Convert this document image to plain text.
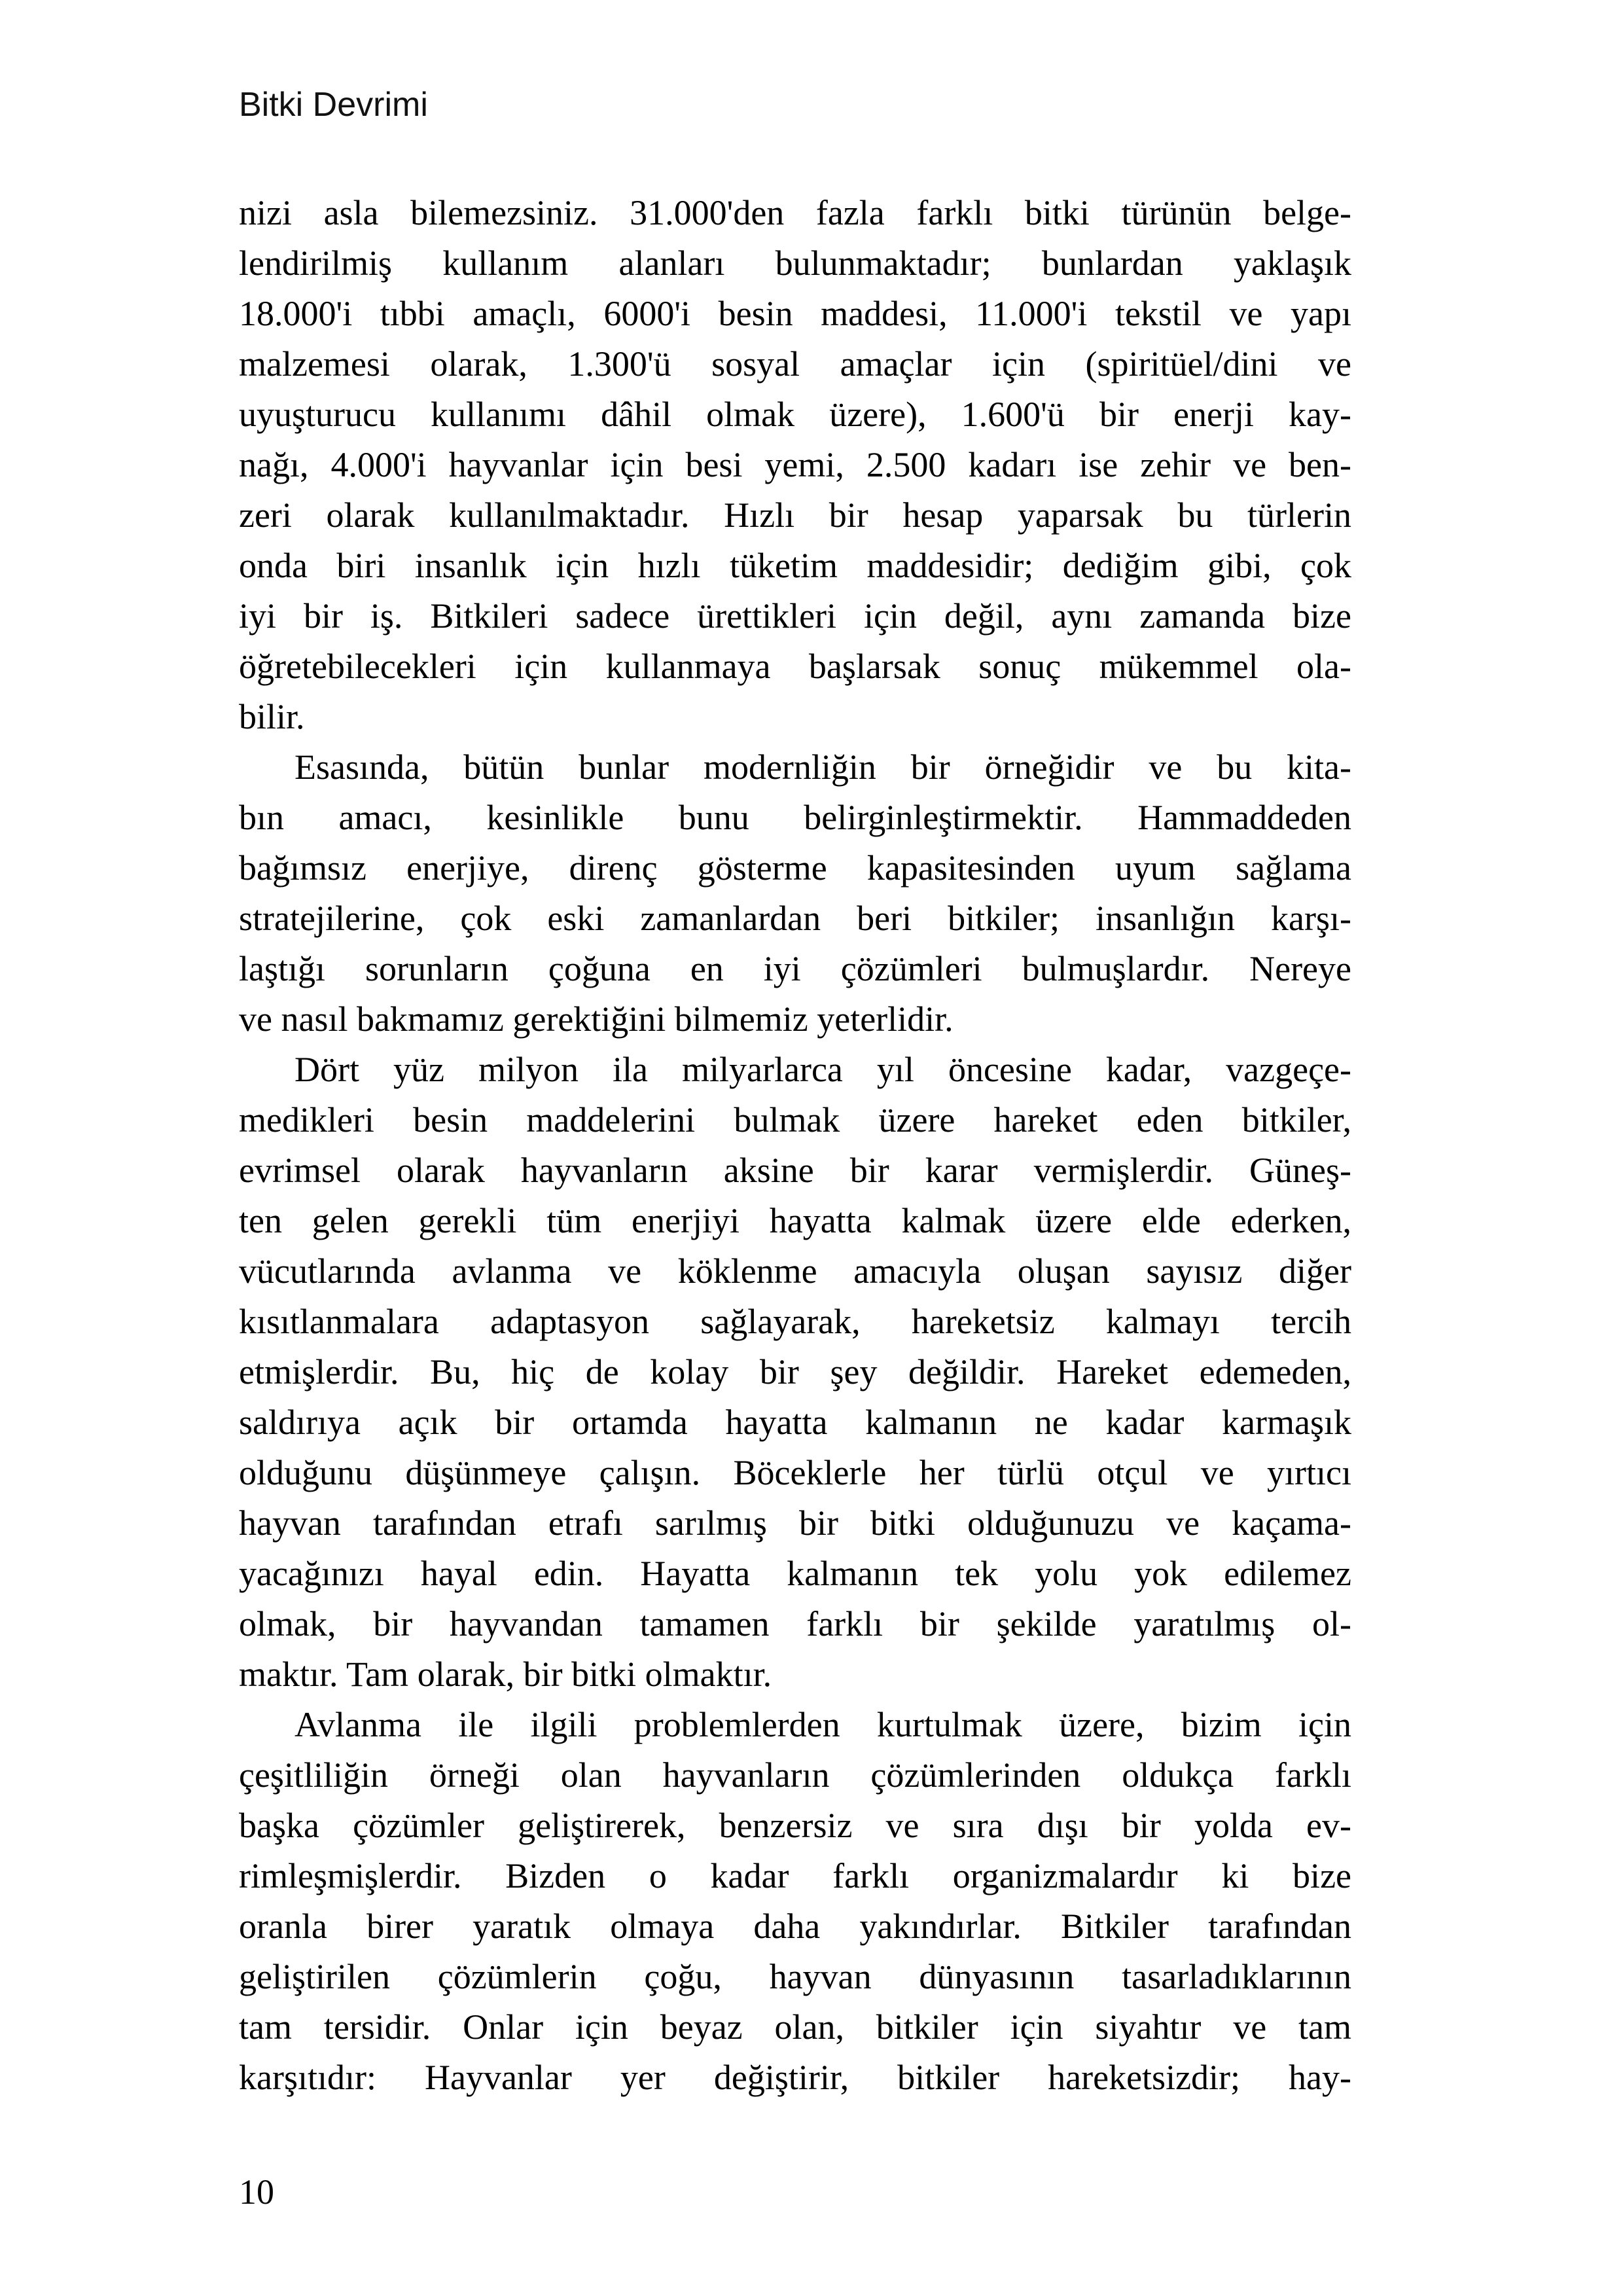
Bitki Devrimi
nizi asla bilemezsiniz. 31.000'den fazla farklı bitki türünün belge-
lendirilmiş kullanım alanları bulunmaktadır; bunlardan yaklaşık
18.000'i tıbbi amaçlı, 6000'i besin maddesi, 11.000'i tekstil ve yapı
malzemesi olarak, 1.300'ü sosyal amaçlar için (spiritüel/dini ve
uyuşturucu kullanımı dâhil olmak üzere), 1.600'ü bir enerji kay-
nağı, 4.000'i hayvanlar için besi yemi, 2.500 kadarı ise zehir ve ben-
zeri olarak kullanılmaktadır. Hızlı bir hesap yaparsak bu türlerin
onda biri insanlık için hızlı tüketim maddesidir; dediğim gibi, çok
iyi bir iş. Bitkileri sadece ürettikleri için değil, aynı zamanda bize
öğretebilecekleri için kullanmaya başlarsak sonuç mükemmel ola-
bilir.
Esasında, bütün bunlar modernliğin bir örneğidir ve bu kita-
bın amacı, kesinlikle bunu belirginleştirmektir. Hammaddeden
bağımsız enerjiye, direnç gösterme kapasitesinden uyum sağlama
stratejilerine, çok eski zamanlardan beri bitkiler; insanlığın karşı-
laştığı sorunların çoğuna en iyi çözümleri bulmuşlardır. Nereye
ve nasıl bakmamız gerektiğini bilmemiz yeterlidir.
Dört yüz milyon ila milyarlarca yıl öncesine kadar, vazgeçe-
medikleri besin maddelerini bulmak üzere hareket eden bitkiler,
evrimsel olarak hayvanların aksine bir karar vermişlerdir. Güneş-
ten gelen gerekli tüm enerjiyi hayatta kalmak üzere elde ederken,
vücutlarında avlanma ve köklenme amacıyla oluşan sayısız diğer
kısıtlanmalara adaptasyon sağlayarak, hareketsiz kalmayı tercih
etmişlerdir. Bu, hiç de kolay bir şey değildir. Hareket edemeden,
saldırıya açık bir ortamda hayatta kalmanın ne kadar karmaşık
olduğunu düşünmeye çalışın. Böceklerle her türlü otçul ve yırtıcı
hayvan tarafından etrafı sarılmış bir bitki olduğunuzu ve kaçama-
yacağınızı hayal edin. Hayatta kalmanın tek yolu yok edilemez
olmak, bir hayvandan tamamen farklı bir şekilde yaratılmış ol-
maktır. Tam olarak, bir bitki olmaktır.
Avlanma ile ilgili problemlerden kurtulmak üzere, bizim için
çeşitliliğin örneği olan hayvanların çözümlerinden oldukça farklı
başka çözümler geliştirerek, benzersiz ve sıra dışı bir yolda ev-
rimleşmişlerdir. Bizden o kadar farklı organizmalardır ki bize
oranla birer yaratık olmaya daha yakındırlar. Bitkiler tarafından
geliştirilen çözümlerin çoğu, hayvan dünyasının tasarladıklarının
tam tersidir. Onlar için beyaz olan, bitkiler için siyahtır ve tam
karşıtıdır: Hayvanlar yer değiştirir, bitkiler hareketsizdir; hay-
10
